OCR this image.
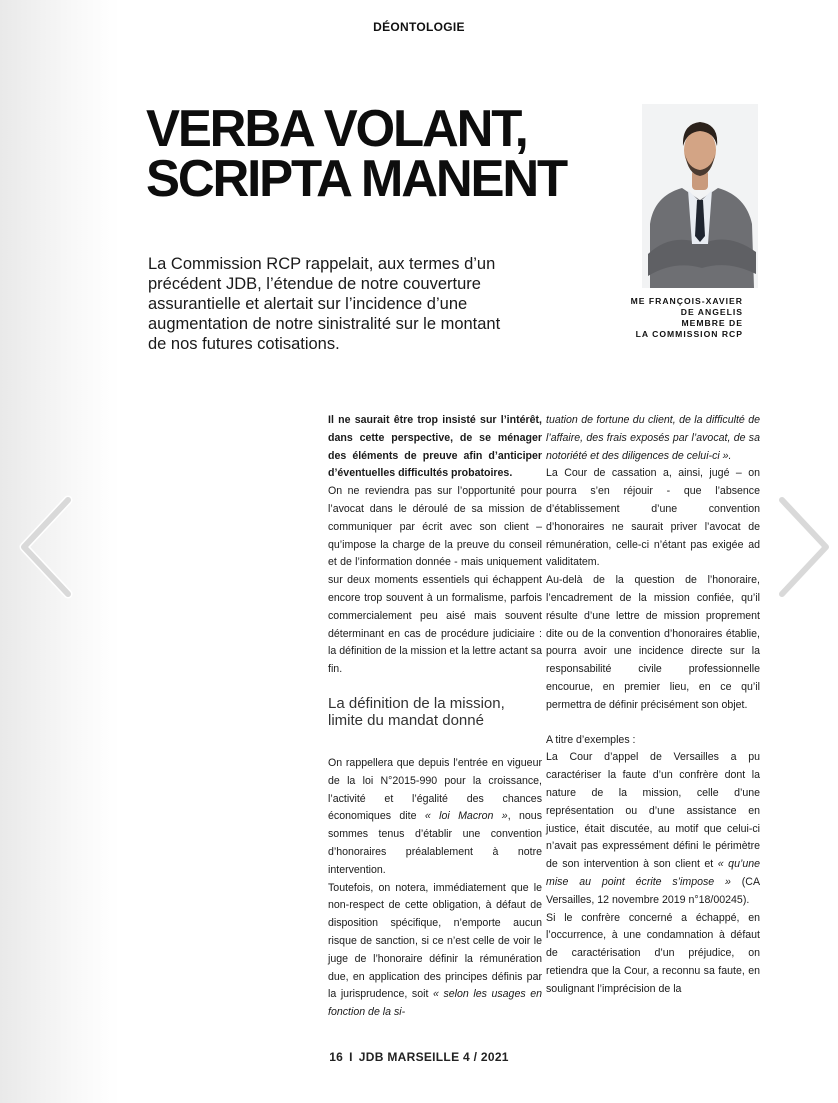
DÉONTOLOGIE
VERBA VOLANT,
SCRIPTA MANENT

La Commission RCP rappelait, aux termes d’un précédent JDB, l’étendue de notre couverture assurantielle et alertait sur l’incidence d’une augmentation de notre sinistralité sur le montant de nos futures cotisations.

ME FRANÇOIS-XAVIER
DE ANGELIS
MEMBRE DE
LA COMMISSION RCP

Il ne saurait être trop insisté sur l’intérêt, dans cette perspective, de se ménager des éléments de preuve afin d’anticiper d’éventuelles difficultés probatoires.

On ne reviendra pas sur l’opportunité pour l’avocat dans le déroulé de sa mission de communiquer par écrit avec son client – qu’impose la charge de la preuve du conseil et de l’information donnée - mais uniquement sur deux moments essentiels qui échappent encore trop souvent à un formalisme, parfois commercialement peu aisé mais souvent déterminant en cas de procédure judiciaire : la définition de la mission et la lettre actant sa fin.

La définition de la mission, limite du mandat donné

On rappellera que depuis l’entrée en vigueur de la loi N°2015-990 pour la croissance, l’activité et l’égalité des chances économiques dite « loi Macron », nous sommes tenus d’établir une convention d’honoraires préalablement à notre intervention.

Toutefois, on notera, immédiatement que le non-respect de cette obligation, à défaut de disposition spécifique, n’emporte aucun risque de sanction, si ce n’est celle de voir le juge de l’honoraire définir la rémunération due, en application des principes définis par la jurisprudence, soit « selon les usages en fonction de la si-

tuation de fortune du client, de la difficulté de l’affaire, des frais exposés par l’avocat, de sa notoriété et des diligences de celui-ci ».

La Cour de cassation a, ainsi, jugé – on pourra s’en réjouir - que l’absence d’établissement d’une convention d’honoraires ne saurait priver l’avocat de rémunération, celle-ci n’étant pas exigée ad validitatem.

Au-delà de la question de l’honoraire, l’encadrement de la mission confiée, qu’il résulte d’une lettre de mission proprement dite ou de la convention d’honoraires établie, pourra avoir une incidence directe sur la responsabilité civile professionnelle encourue, en premier lieu, en ce qu’il permettra de définir précisément son objet.

A titre d’exemples :

La Cour d’appel de Versailles a pu caractériser la faute d’un confrère dont la nature de la mission, celle d’une représentation ou d’une assistance en justice, était discutée, au motif que celui-ci n’avait pas expressément défini le périmètre de son intervention à son client et « qu’une mise au point écrite s’impose » (CA Versailles, 12 novembre 2019 n°18/00245).

Si le confrère concerné a échappé, en l’occurrence, à une condamnation à défaut de caractérisation d’un préjudice, on retiendra que la Cour, a reconnu sa faute, en soulignant l’imprécision de la

16 I JDB MARSEILLE 4 / 2021
